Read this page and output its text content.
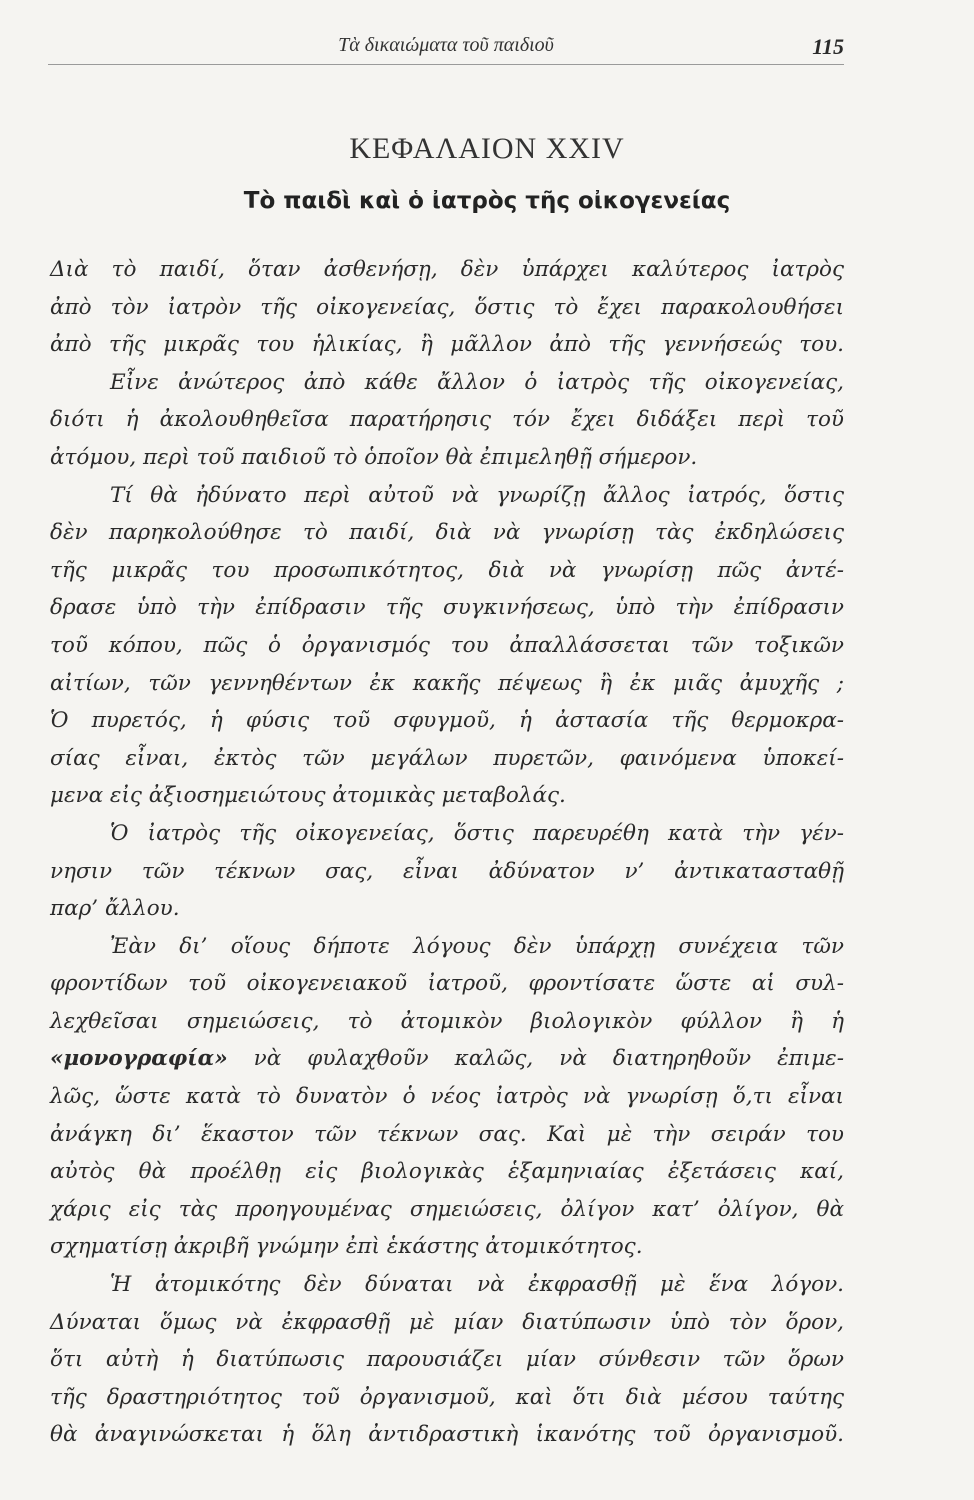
Τὰ δικαιώματα τοῦ παιδιοῦ	115
ΚΕΦΑΛΑΙΟΝ XXIV
Τὸ παιδὶ καὶ ὁ ἰατρὸς τῆς οἰκογενείας
Διὰ τὸ παιδί, ὅταν ἀσθενήσῃ, δὲν ὑπάρχει καλύτερος ἰατρὸς
ἀπὸ τὸν ἰατρὸν τῆς οἰκογενείας, ὅστις τὸ ἔχει παρακολουθήσει
ἀπὸ τῆς μικρᾶς του ἡλικίας, ἢ μᾶλλον ἀπὸ τῆς γεννήσεώς του.
Εἶνε ἀνώτερος ἀπὸ κάθε ἄλλον ὁ ἰατρὸς τῆς οἰκογενείας,
διότι ἡ ἀκολουθηθεῖσα παρατήρησις τόν ἔχει διδάξει περὶ τοῦ
ἀτόμου, περὶ τοῦ παιδιοῦ τὸ ὁποῖον θὰ ἐπιμεληθῇ σήμερον.
Τί θὰ ἠδύνατο περὶ αὐτοῦ νὰ γνωρίζῃ ἄλλος ἰατρός, ὅστις
δὲν παρηκολούθησε τὸ παιδί, διὰ νὰ γνωρίσῃ τὰς ἐκδηλώσεις
τῆς μικρᾶς του προσωπικότητος, διὰ νὰ γνωρίσῃ πῶς ἀντέ-
δρασε ὑπὸ τὴν ἐπίδρασιν τῆς συγκινήσεως, ὑπὸ τὴν ἐπίδρασιν
τοῦ κόπου, πῶς ὁ ὀργανισμός του ἀπαλλάσσεται τῶν τοξικῶν
αἰτίων, τῶν γεννηθέντων ἐκ κακῆς πέψεως ἢ ἐκ μιᾶς ἀμυχῆς ;
Ὁ πυρετός, ἡ φύσις τοῦ σφυγμοῦ, ἡ ἀστασία τῆς θερμοκρα-
σίας εἶναι, ἐκτὸς τῶν μεγάλων πυρετῶν, φαινόμενα ὑποκεί-
μενα εἰς ἀξιοσημειώτους ἀτομικὰς μεταβολάς.
Ὁ ἰατρὸς τῆς οἰκογενείας, ὅστις παρευρέθη κατὰ τὴν γέν-
νησιν τῶν τέκνων σας, εἶναι ἀδύνατον ν’ ἀντικατασταθῇ
παρ’ ἄλλου.
Ἐὰν δι’ οἵους δήποτε λόγους δὲν ὑπάρχῃ συνέχεια τῶν
φροντίδων τοῦ οἰκογενειακοῦ ἰατροῦ, φροντίσατε ὥστε αἱ συλ-
λεχθεῖσαι σημειώσεις, τὸ ἀτομικὸν βιολογικὸν φύλλον ἢ ἡ
«μονογραφία» νὰ φυλαχθοῦν καλῶς, νὰ διατηρηθοῦν ἐπιμε-
λῶς, ὥστε κατὰ τὸ δυνατὸν ὁ νέος ἰατρὸς νὰ γνωρίσῃ ὅ,τι εἶναι
ἀνάγκη δι’ ἕκαστον τῶν τέκνων σας. Καὶ μὲ τὴν σειράν του
αὐτὸς θὰ προέλθῃ εἰς βιολογικὰς ἑξαμηνιαίας ἐξετάσεις καί,
χάρις εἰς τὰς προηγουμένας σημειώσεις, ὀλίγον κατ’ ὀλίγον, θὰ
σχηματίσῃ ἀκριβῆ γνώμην ἐπὶ ἑκάστης ἀτομικότητος.
Ἡ ἀτομικότης δὲν δύναται νὰ ἐκφρασθῇ μὲ ἕνα λόγον.
Δύναται ὅμως νὰ ἐκφρασθῇ μὲ μίαν διατύπωσιν ὑπὸ τὸν ὅρον,
ὅτι αὐτὴ ἡ διατύπωσις παρουσιάζει μίαν σύνθεσιν τῶν ὅρων
τῆς δραστηριότητος τοῦ ὀργανισμοῦ, καὶ ὅτι διὰ μέσου ταύτης
θὰ ἀναγινώσκεται ἡ ὅλη ἀντιδραστικὴ ἱκανότης τοῦ ὀργανισμοῦ.
